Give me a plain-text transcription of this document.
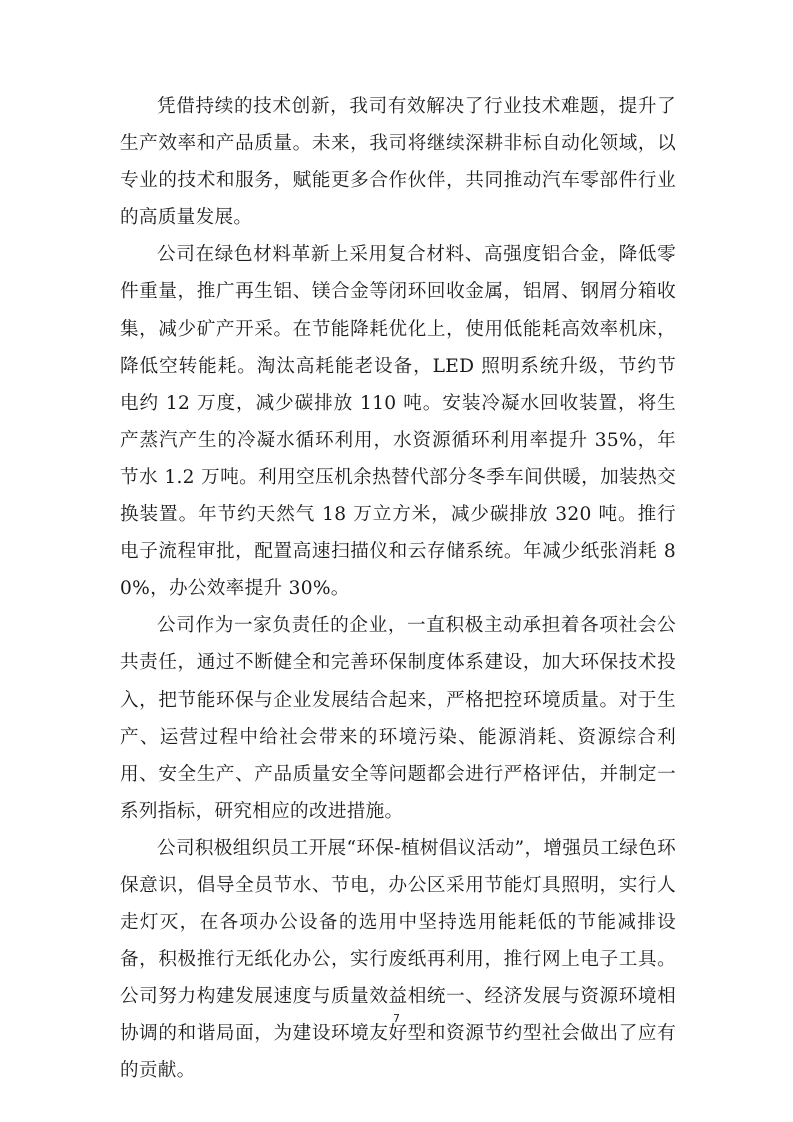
凭借持续的技术创新，我司有效解决了行业技术难题，提升了生产效率和产品质量。未来，我司将继续深耕非标自动化领域，以专业的技术和服务，赋能更多合作伙伴，共同推动汽车零部件行业的高质量发展。

公司在绿色材料革新上采用复合材料、高强度铝合金，降低零件重量，推广再生铝、镁合金等闭环回收金属，铝屑、钢屑分箱收集，减少矿产开采。在节能降耗优化上，使用低能耗高效率机床，降低空转能耗。淘汰高耗能老设备，LED 照明系统升级，节约节电约 12 万度，减少碳排放 110 吨。安装冷凝水回收装置，将生产蒸汽产生的冷凝水循环利用，水资源循环利用率提升 35%，年节水 1.2 万吨。利用空压机余热替代部分冬季车间供暖，加装热交换装置。年节约天然气 18 万立方米，减少碳排放 320 吨。推行电子流程审批，配置高速扫描仪和云存储系统。年减少纸张消耗 80%，办公效率提升 30%。

公司作为一家负责任的企业，一直积极主动承担着各项社会公共责任，通过不断健全和完善环保制度体系建设，加大环保技术投入，把节能环保与企业发展结合起来，严格把控环境质量。对于生产、运营过程中给社会带来的环境污染、能源消耗、资源综合利用、安全生产、产品质量安全等问题都会进行严格评估，并制定一系列指标，研究相应的改进措施。

公司积极组织员工开展“环保-植树倡议活动”，增强员工绿色环保意识，倡导全员节水、节电，办公区采用节能灯具照明，实行人走灯灭，在各项办公设备的选用中坚持选用能耗低的节能减排设备，积极推行无纸化办公，实行废纸再利用，推行网上电子工具。公司努力构建发展速度与质量效益相统一、经济发展与资源环境相协调的和谐局面，为建设环境友好型和资源节约型社会做出了应有的贡献。

7
